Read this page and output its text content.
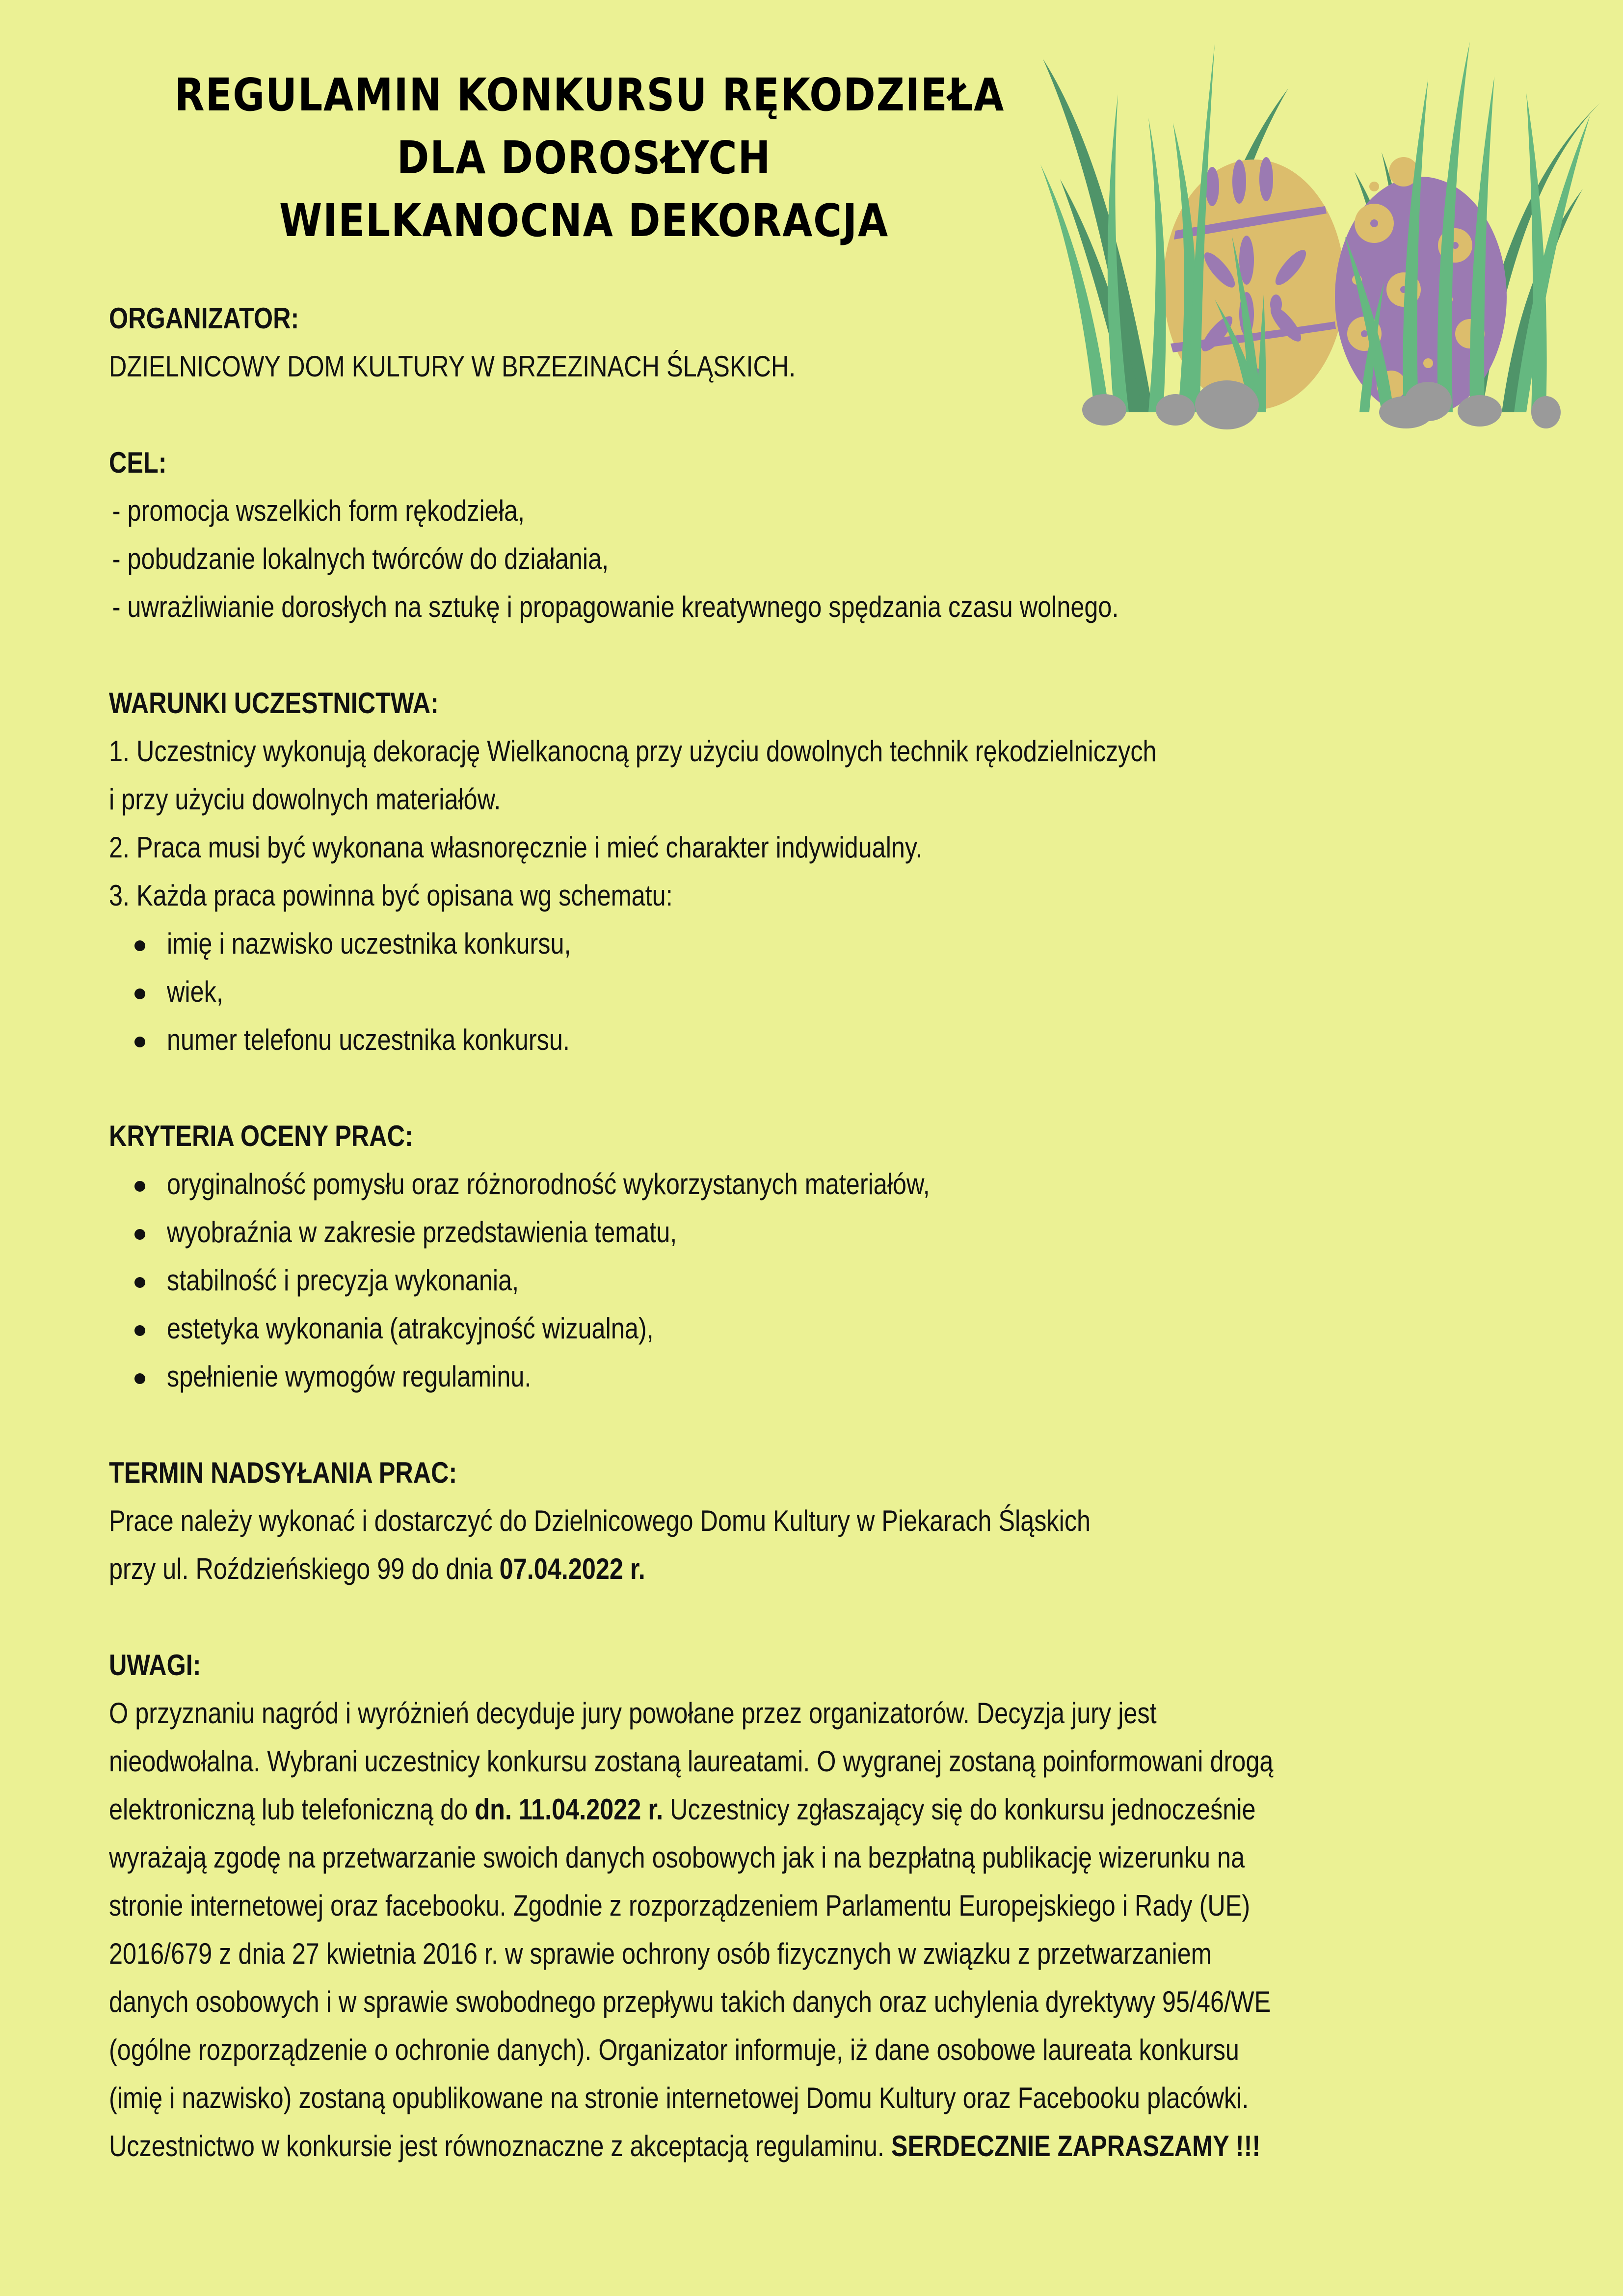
REGULAMIN KONKURSU RĘKODZIEŁA
DLA DOROSŁYCH
WIELKANOCNA DEKORACJA
ORGANIZATOR:
DZIELNICOWY DOM KULTURY W BRZEZINACH ŚLĄSKICH.
CEL:
- promocja wszelkich form rękodzieła,
- pobudzanie lokalnych twórców do działania,
- uwrażliwianie dorosłych na sztukę i propagowanie kreatywnego spędzania czasu wolnego.
WARUNKI UCZESTNICTWA:
1. Uczestnicy wykonują dekorację Wielkanocną przy użyciu dowolnych technik rękodzielniczych
i przy użyciu dowolnych materiałów.
2. Praca musi być wykonana własnoręcznie i mieć charakter indywidualny.
3. Każda praca powinna być opisana wg schematu:
imię i nazwisko uczestnika konkursu,
wiek,
numer telefonu uczestnika konkursu.
KRYTERIA OCENY PRAC:
oryginalność pomysłu oraz różnorodność wykorzystanych materiałów,
wyobraźnia w zakresie przedstawienia tematu,
stabilność i precyzja wykonania,
estetyka wykonania (atrakcyjność wizualna),
spełnienie wymogów regulaminu.
TERMIN NADSYŁANIA PRAC:
Prace należy wykonać i dostarczyć do Dzielnicowego Domu Kultury w Piekarach Śląskich
przy ul. Roździeńskiego 99 do dnia 07.04.2022 r.
UWAGI:
O przyznaniu nagród i wyróżnień decyduje jury powołane przez organizatorów. Decyzja jury jest
nieodwołalna. Wybrani uczestnicy konkursu zostaną laureatami. O wygranej zostaną poinformowani drogą
elektroniczną lub telefoniczną do dn. 11.04.2022 r. Uczestnicy zgłaszający się do konkursu jednocześnie
wyrażają zgodę na przetwarzanie swoich danych osobowych jak i na bezpłatną publikację wizerunku na
stronie internetowej oraz facebooku. Zgodnie z rozporządzeniem Parlamentu Europejskiego i Rady (UE)
2016/679 z dnia 27 kwietnia 2016 r. w sprawie ochrony osób fizycznych w związku z przetwarzaniem
danych osobowych i w sprawie swobodnego przepływu takich danych oraz uchylenia dyrektywy 95/46/WE
(ogólne rozporządzenie o ochronie danych). Organizator informuje, iż dane osobowe laureata konkursu
(imię i nazwisko) zostaną opublikowane na stronie internetowej Domu Kultury oraz Facebooku placówki.
Uczestnictwo w konkursie jest równoznaczne z akceptacją regulaminu. SERDECZNIE ZAPRASZAMY !!!
